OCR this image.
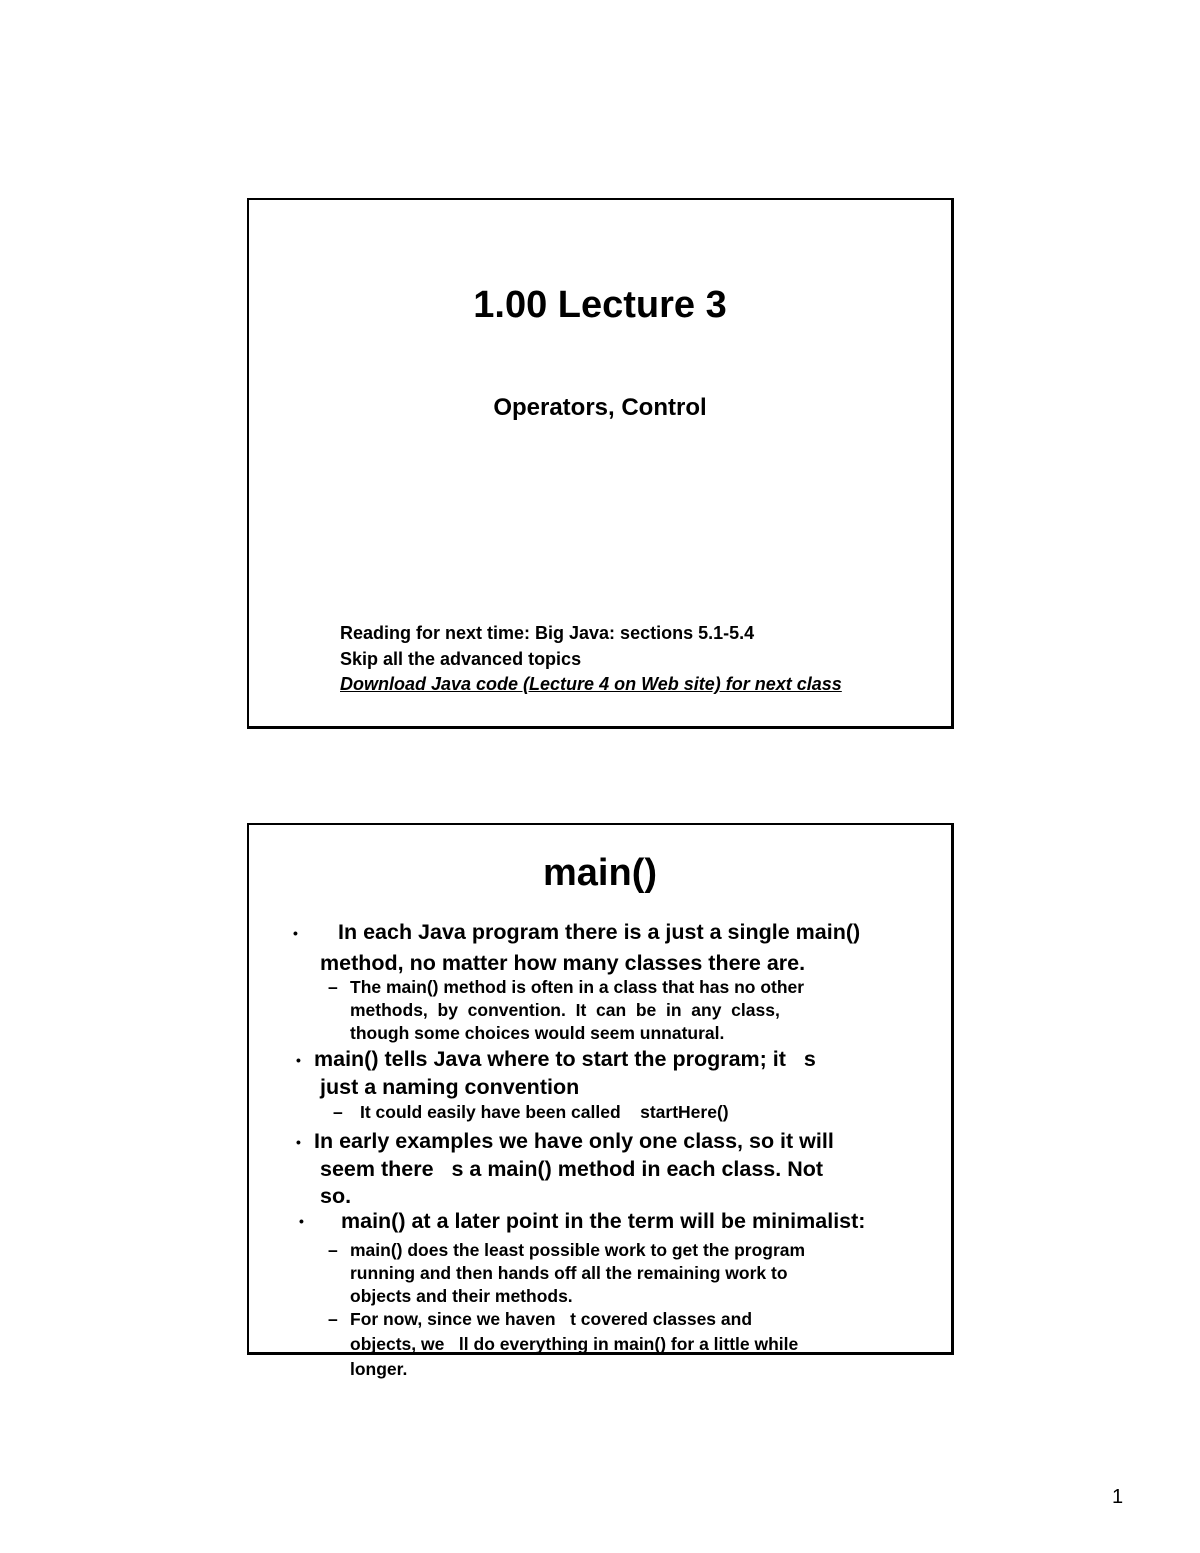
1.00 Lecture 3
Operators, Control
Reading for next time: Big Java: sections 5.1-5.4
Skip all the advanced topics
Download Java code (Lecture 4 on Web site) for next class
main()
• In each Java program there is a just a single main()
method, no matter how many classes there are.
– The main() method is often in a class that has no other
methods,  by  convention.  It  can  be  in  any  class,
though some choices would seem unnatural.
• main() tells Java where to start the program; it   s
just a naming convention
– It could easily have been called    startHere()
• In early examples we have only one class, so it will
seem there   s a main() method in each class. Not
so.
• main() at a later point in the term will be minimalist:
– main() does the least possible work to get the program
running and then hands off all the remaining work to
objects and their methods.
– For now, since we haven   t covered classes and
objects, we   ll do everything in main() for a little while
longer.
1
